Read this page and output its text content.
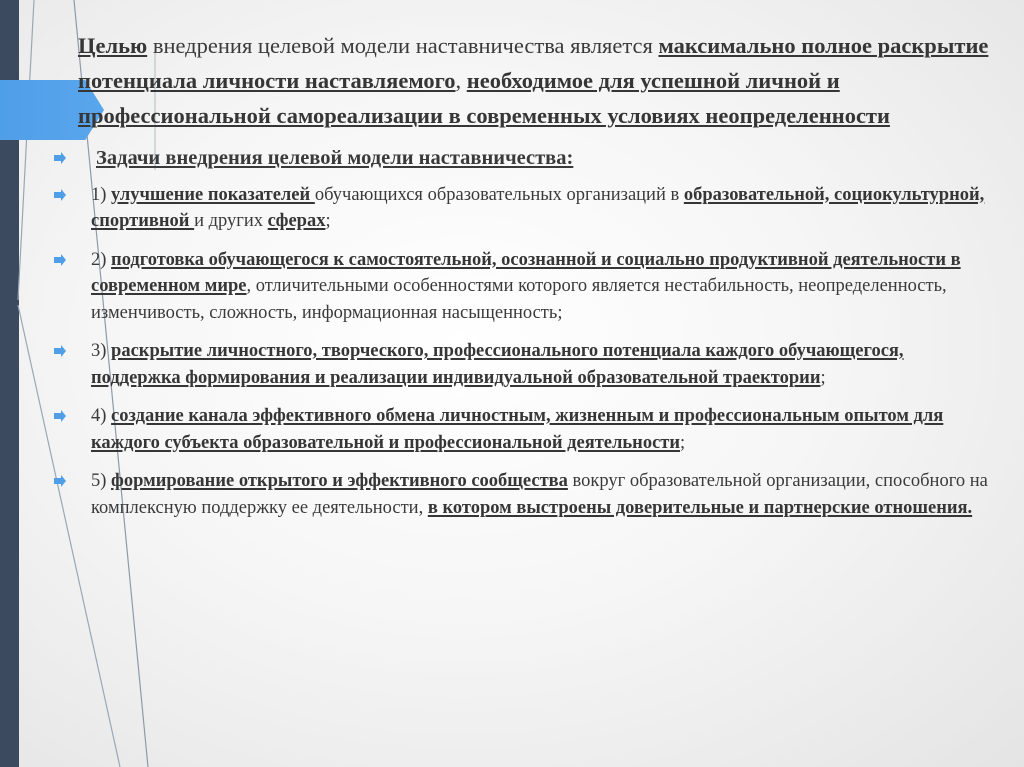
Целью внедрения целевой модели наставничества является максимально полное раскрытие потенциала личности наставляемого, необходимое для успешной личной и профессиональной самореализации в современных условиях неопределенности
Задачи внедрения целевой модели наставничества:
1) улучшение показателей обучающихся образовательных организаций в образовательной, социокультурной, спортивной и других сферах;
2) подготовка обучающегося к самостоятельной, осознанной и социально продуктивной деятельности в современном мире, отличительными особенностями которого является нестабильность, неопределенность, изменчивость, сложность, информационная насыщенность;
3) раскрытие личностного, творческого, профессионального потенциала каждого обучающегося, поддержка формирования и реализации индивидуальной образовательной траектории;
4) создание канала эффективного обмена личностным, жизненным и профессиональным опытом для каждого субъекта образовательной и профессиональной деятельности;
5) формирование открытого и эффективного сообщества вокруг образовательной организации, способного на комплексную поддержку ее деятельности, в котором выстроены доверительные и партнерские отношения.
